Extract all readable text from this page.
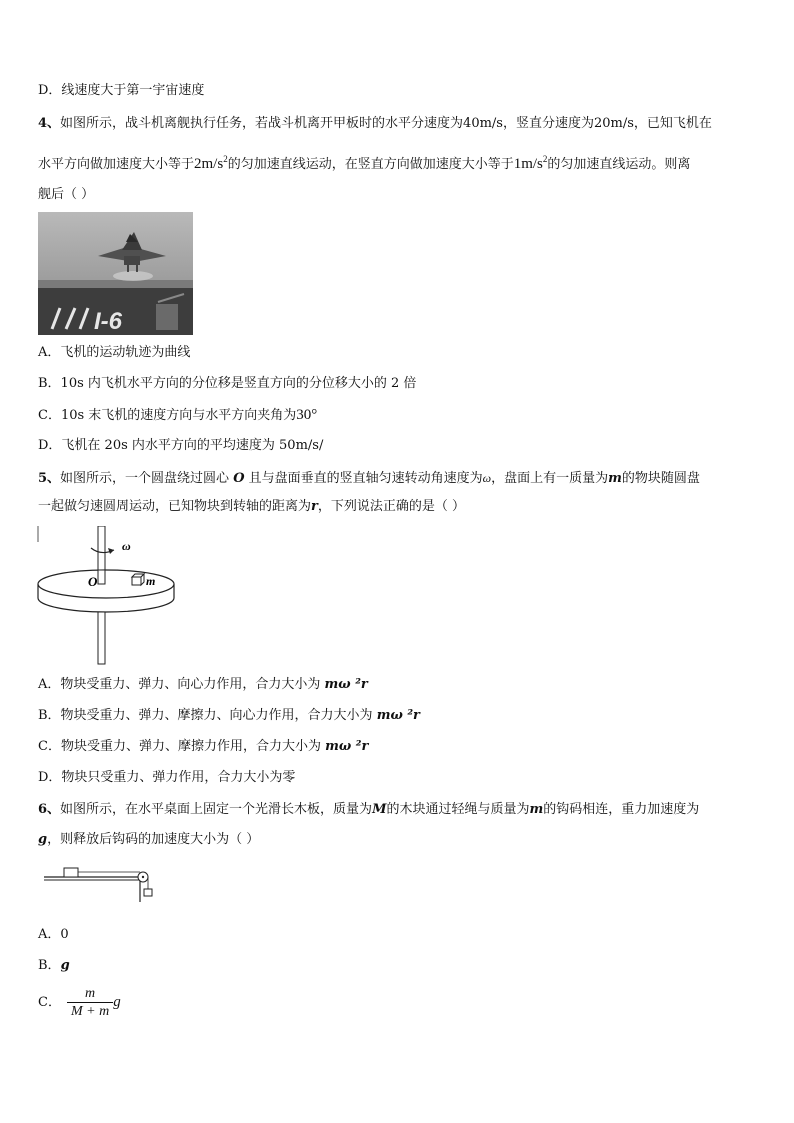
D．线速度大于第一宇宙速度
4、如图所示，战斗机离舰执行任务，若战斗机离开甲板时的水平分速度为40m/s，竖直分速度为20m/s，已知飞机在
水平方向做加速度大小等于$2m/s^2$的匀加速直线运动，在竖直方向做加速度大小等于$1m/s^2$的匀加速直线运动。则离
舰后（ ）
I-6
A．飞机的运动轨迹为曲线
B．10s 内飞机水平方向的分位移是竖直方向的分位移大小的 2 倍
C．10s 末飞机的速度方向与水平方向夹角为30°
D．飞机在 20s 内水平方向的平均速度为 50m/s/
5、如图所示，一个圆盘绕过圆心 O 且与盘面垂直的竖直轴匀速转动角速度为ω，盘面上有一质量为m的物块随圆盘
一起做匀速圆周运动，已知物块到转轴的距离为r，下列说法正确的是（ ）
ω
O	m
A．物块受重力、弹力、向心力作用，合力大小为 mω ²r
B．物块受重力、弹力、摩擦力、向心力作用，合力大小为 mω ²r
C．物块受重力、弹力、摩擦力作用，合力大小为 mω ²r
D．物块只受重力、弹力作用，合力大小为零
6、如图所示，在水平桌面上固定一个光滑长木板，质量为M的木块通过轻绳与质量为m的钩码相连，重力加速度为
g，则释放后钩码的加速度大小为（ ）
A．0
B．g
C． $\frac{m}{M + m}$ g
